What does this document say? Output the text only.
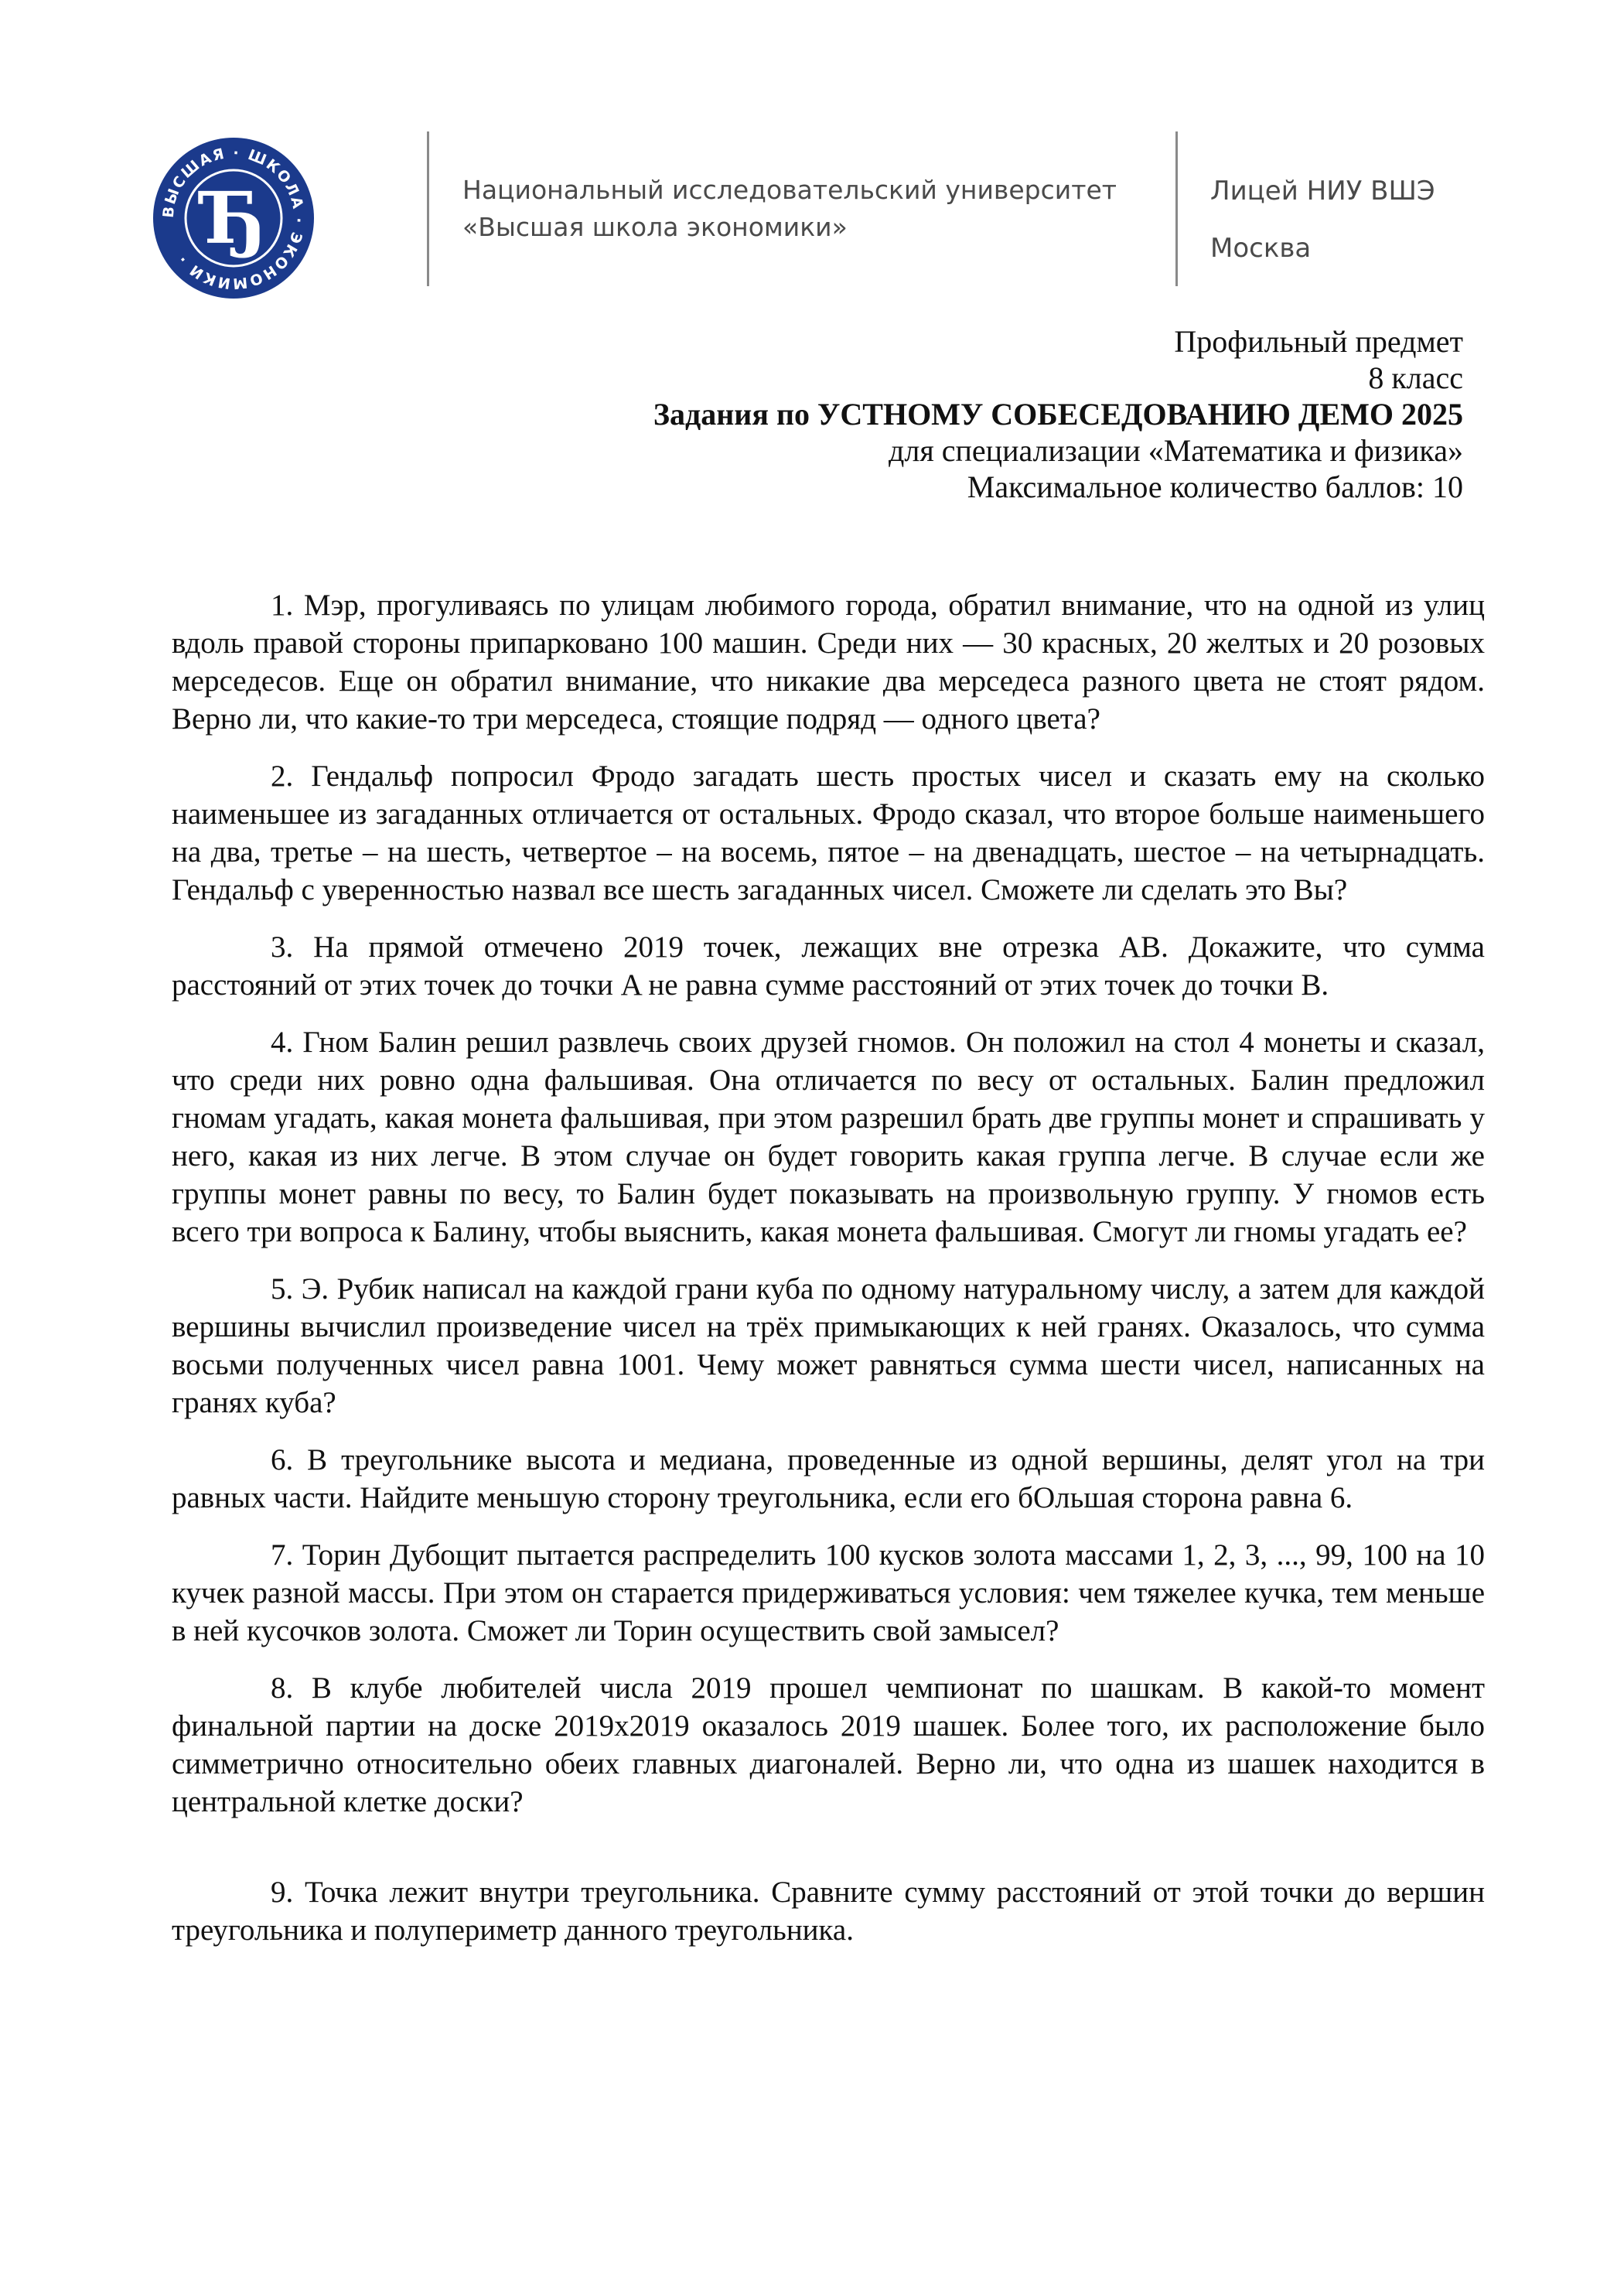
ВЫСШАЯ · ШКОЛА · ЭКОНОМИКИ · Ђ	Национальный исследовательский университет
«Высшая школа экономики»
Лицей НИУ ВШЭ
Москва
Профильный предмет
8 класс
Задания по УСТНОМУ СОБЕСЕДОВАНИЮ ДЕМО 2025
для специализации «Математика и физика»
Максимальное количество баллов: 10

1. Мэр, прогуливаясь по улицам любимого города, обратил внимание, что на одной из улиц вдоль правой стороны припарковано 100 машин. Среди них — 30 красных, 20 желтых и 20 розовых мерседесов. Еще он обратил внимание, что никакие два мерседеса разного цвета не стоят рядом. Верно ли, что какие-то три мерседеса, стоящие подряд — одного цвета?

2. Гендальф попросил Фродо загадать шесть простых чисел и сказать ему на сколько наименьшее из загаданных отличается от остальных. Фродо сказал, что второе больше наименьшего на два, третье – на шесть, четвертое – на восемь, пятое – на двенадцать, шестое – на четырнадцать. Гендальф с уверенностью назвал все шесть загаданных чисел. Сможете ли сделать это Вы?

3. На прямой отмечено 2019 точек, лежащих вне отрезка AB. Докажите, что сумма расстояний от этих точек до точки A не равна сумме расстояний от этих точек до точки B.

4. Гном Балин решил развлечь своих друзей гномов. Он положил на стол 4 монеты и сказал, что среди них ровно одна фальшивая. Она отличается по весу от остальных. Балин предложил гномам угадать, какая монета фальшивая, при этом разрешил брать две группы монет и спрашивать у него, какая из них легче. В этом случае он будет говорить какая группа легче. В случае если же группы монет равны по весу, то Балин будет показывать на произвольную группу. У гномов есть всего три вопроса к Балину, чтобы выяснить, какая монета фальшивая. Смогут ли гномы угадать ее?

5. Э. Рубик написал на каждой грани куба по одному натуральному числу, а затем для каждой вершины вычислил произведение чисел на трёх примыкающих к ней гранях. Оказалось, что сумма восьми полученных чисел равна 1001. Чему может равняться сумма шести чисел, написанных на гранях куба?

6. В треугольнике высота и медиана, проведенные из одной вершины, делят угол на три равных части. Найдите меньшую сторону треугольника, если его бОльшая сторона равна 6.

7. Торин Дубощит пытается распределить 100 кусков золота массами 1, 2, 3, ..., 99, 100 на 10 кучек разной массы. При этом он старается придерживаться условия: чем тяжелее кучка, тем меньше в ней кусочков золота. Сможет ли Торин осуществить свой замысел?

8. В клубе любителей числа 2019 прошел чемпионат по шашкам. В какой-то момент финальной партии на доске 2019x2019 оказалось 2019 шашек. Более того, их расположение было симметрично относительно обеих главных диагоналей. Верно ли, что одна из шашек находится в центральной клетке доски?

9. Точка лежит внутри треугольника. Сравните сумму расстояний от этой точки до вершин треугольника и полупериметр данного треугольника.
